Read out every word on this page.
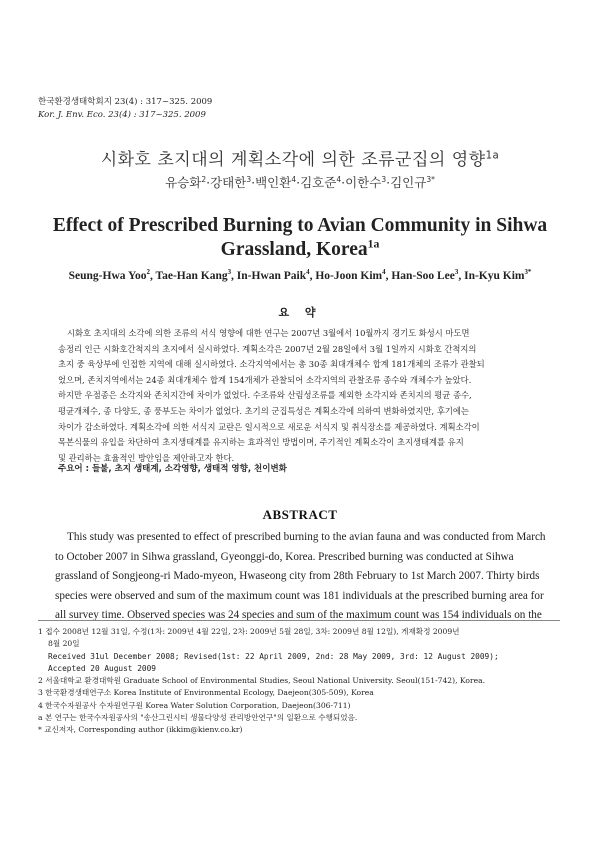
한국환경생태학회지 23(4) : 317~325. 2009
Kor. J. Env. Eco. 23(4) : 317~325. 2009
시화호 초지대의 계획소각에 의한 조류군집의 영향$^{1a}$
유승화$^2$·강태한$^3$·백인환$^4$·김호준$^4$·이한수$^3$·김인규$^{3*}$
Effect of Prescribed Burning to Avian Community in Sihwa
Grassland, Korea$^{1a}$
Seung-Hwa Yoo$^2$, Tae-Han Kang$^3$, In-Hwan Paik$^4$, Ho-Joon Kim$^4$, Han-Soo Lee$^3$, In-Kyu Kim$^{3*}$
요 약
시화호 초지대의 소각에 의한 조류의 서식 영향에 대한 연구는 2007년 3월에서 10월까지 경기도 화성시 마도면
송정리 인근 시화호간척지의 초지에서 실시하였다. 계획소각은 2007년 2월 28일에서 3월 1일까지 시화호 간척지의
초지 중 육상부에 인접한 지역에 대해 실시하였다. 소각지역에서는 총 30종 최대개체수 합계 181개체의 조류가 관찰되
었으며, 존치지역에서는 24종 최대개체수 합계 154개체가 관찰되어 소각지역의 관찰조류 종수와 개체수가 높았다.
하지만 우점종은 소각지와 존치지간에 차이가 없었다. 수조류와 산림성조류를 제외한 소각지와 존치지의 평균 종수,
평균개체수, 종 다양도, 종 풍부도는 차이가 없었다. 초기의 군집특성은 계획소각에 의하여 변화하였지만, 후기에는
차이가 감소하였다. 계획소각에 의한 서식지 교란은 일시적으로 새로운 서식지 및 취식장소를 제공하였다. 계획소각이
목본식물의 유입을 차단하여 초지생태계를 유지하는 효과적인 방법이며, 주기적인 계획소각이 초지생태계를 유지
및 관리하는 효율적인 방안임을 제안하고자 한다.
주요어 : 들불, 초지 생태계, 소각영향, 생태적 영향, 천이변화
ABSTRACT
This study was presented to effect of prescribed burning to the avian fauna and was conducted from March
to October 2007 in Sihwa grassland, Gyeonggi-do, Korea. Prescribed burning was conducted at Sihwa
grassland of Songjeong-ri Mado-myeon, Hwaseong city from 28th February to 1st March 2007. Thirty birds
species were observed and sum of the maximum count was 181 individuals at the prescribed burning area for
all survey time. Observed species was 24 species and sum of the maximum count was 154 individuals on the
1 접수 2008년 12월 31일, 수정(1차: 2009년 4월 22일, 2차: 2009년 5월 28일, 3차: 2009년 8월 12일), 게재확정 2009년
8월 20일
Received 31ul December 2008; Revised(1st: 22 April 2009, 2nd: 28 May 2009, 3rd: 12 August 2009);
Accepted 20 August 2009
2 서울대학교 환경대학원 Graduate School of Environmental Studies, Seoul National University. Seoul(151-742), Korea.
3 한국환경생태연구소 Korea Institute of Environmental Ecology, Daejeon(305-509), Korea
4 한국수자원공사 수자원연구원 Korea Water Solution Corporation, Daejeon(306-711)
a 본 연구는 한국수자원공사의 "송산그린시티 생물다양성 관리방안연구"의 일환으로 수행되었음.
* 교신저자, Corresponding author (ikkim@kienv.co.kr)
